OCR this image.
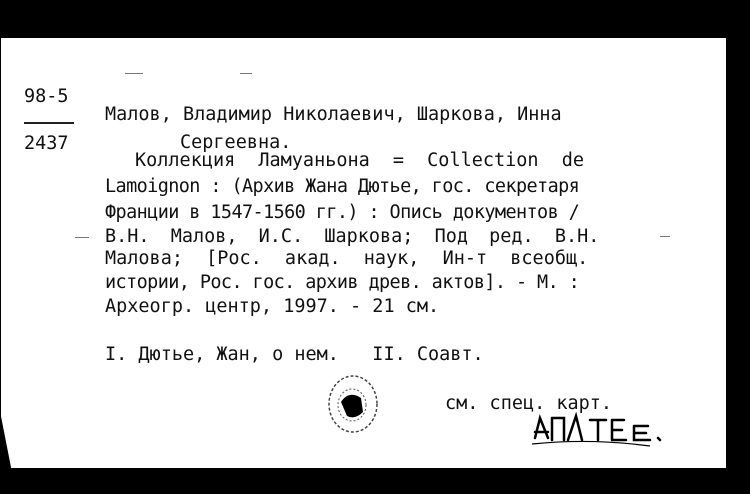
98-5
2437
Малов, Владимир Николаевич, Шаркова, Инна
Сергеевна.
Коллекция Ламуаньона = Collection de
Lamoignon : (Архив Жана Дютье, гос. секретаря
Франции в 1547-1560 гг.) : Опись документов /
В.Н. Малов, И.С. Шаркова; Под ред. В.Н.
Малова; [Рос. акад. наук, Ин-т всеобщ.
истории, Рос. гос. архив древ. актов]. - М. :
Археогр. центр, 1997. - 21 см.
I. Дютье, Жан, о нем.   II. Соавт.
см. спец. карт.
